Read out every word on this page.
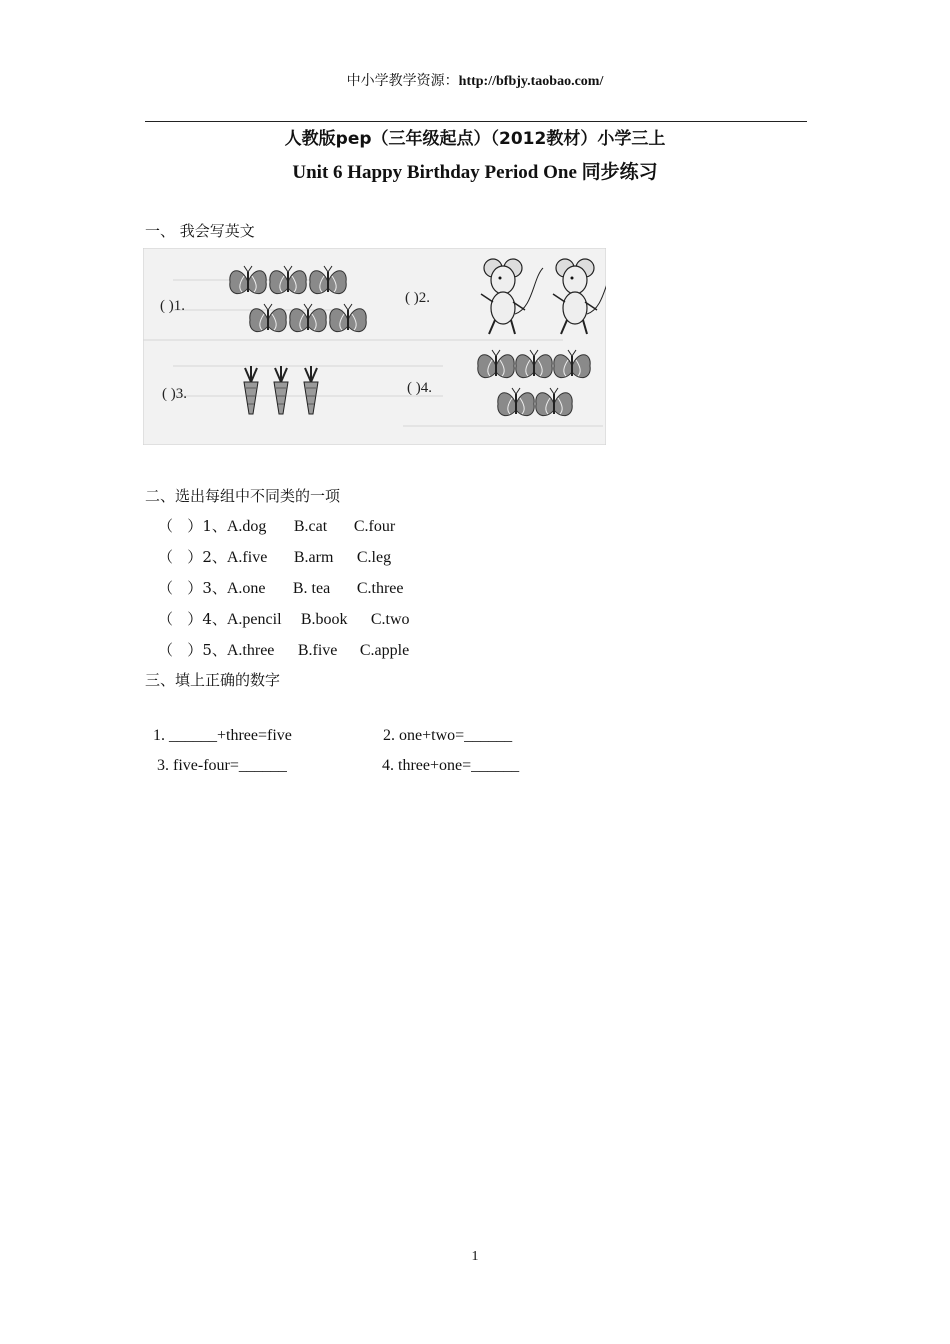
中小学教学资源：http://bfbjy.taobao.com/
人教版pep（三年级起点）（2012教材）小学三上
Unit 6 Happy Birthday Period One 同步练习
一、 我会写英文
( )1.	( )2.
( )3.	( )4.
二、选出每组中不同类的一项
（   ）1、A.dog B.cat C.four
（   ）2、A.five B.arm C.leg
（   ）3、A.one B. tea C.three
（   ）4、A.pencil B.book C.two
（   ）5、A.three B.five C.apple
三、填上正确的数字
1. ______+three=five	2. one+two=______
3. five-four=______	4. three+one=______
1
